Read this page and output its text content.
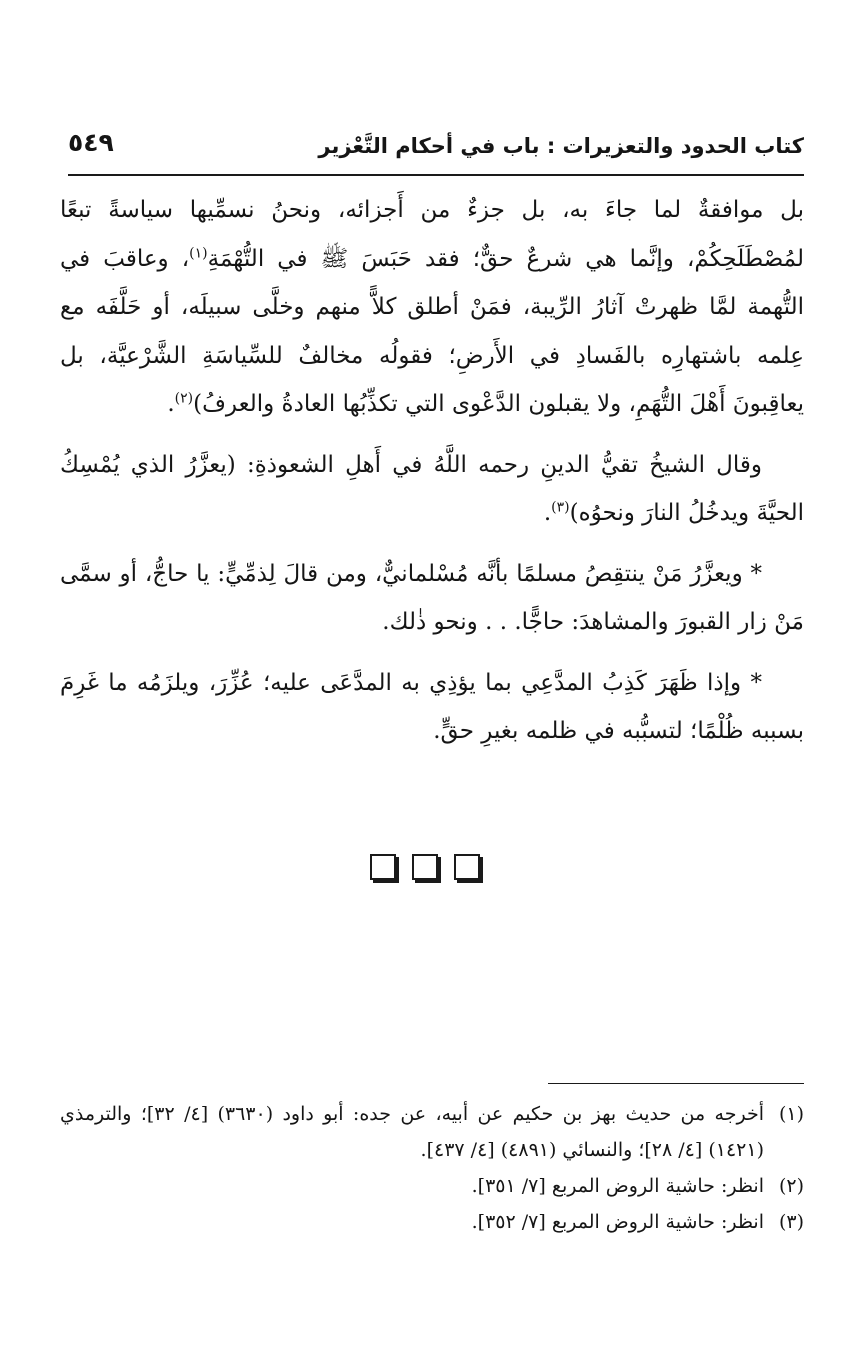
كتاب الحدود والتعزيرات : باب في أحكام التَّعْزير
٥٤٩

بل موافقةٌ لما جاءَ به، بل جزءٌ من أَجزائه، ونحنُ نسمِّيها سياسةً تبعًا لمُصْطَلَحِكُمْ، وإنَّما هي شرعٌ حقٌّ؛ فقد حَبَسَ ﷺ في التُّهْمَةِ$^{(١)}$، وعاقبَ في التُّهمة لمَّا ظهرتْ آثارُ الرِّيبة، فمَنْ أطلق كلاًّ منهم وخلَّى سبيلَه، أو حَلَّفَه مع عِلمه باشتهارِه بالفَسادِ في الأَرضِ؛ فقولُه مخالفٌ للسِّياسَةِ الشَّرْعيَّة، بل يعاقِبونَ أَهْلَ التُّهَمِ، ولا يقبلون الدَّعْوى التي تكذِّبُها العادةُ والعرفُ)$^{(٢)}$.

وقال الشيخُ تقيُّ الدينِ رحمه اللَّهُ في أَهلِ الشعوذةِ: (يعزَّرُ الذي يُمْسِكُ الحيَّةَ ويدخُلُ النارَ ونحوُه)$^{(٣)}$.

* ويعزَّرُ مَنْ ينتقِصُ مسلمًا بأنَّه مُسْلمانيٌّ، ومن قالَ لِذمِّيٍّ: يا حاجُّ، أو سمَّى مَنْ زار القبورَ والمشاهدَ: حاجًّا. . . ونحو ذٰلك.

* وإذا ظَهَرَ كَذِبُ المدَّعِي بما يؤذِي به المدَّعَى عليه؛ عُزِّرَ، ويلزَمُه ما غَرِمَ بسببه ظُلْمًا؛ لتسبُّبه في ظلمه بغيرِ حقٍّ.

(١)
أخرجه من حديث بهز بن حكيم عن أبيه، عن جده: أبو داود (٣٦٣٠) [٤/ ٣٢]؛ والترمذي (١٤٢١) [٤/ ٢٨]؛ والنسائي (٤٨٩١) [٤/ ٤٣٧].
(٢)
انظر: حاشية الروض المربع [٧/ ٣٥١].
(٣)
انظر: حاشية الروض المربع [٧/ ٣٥٢].
